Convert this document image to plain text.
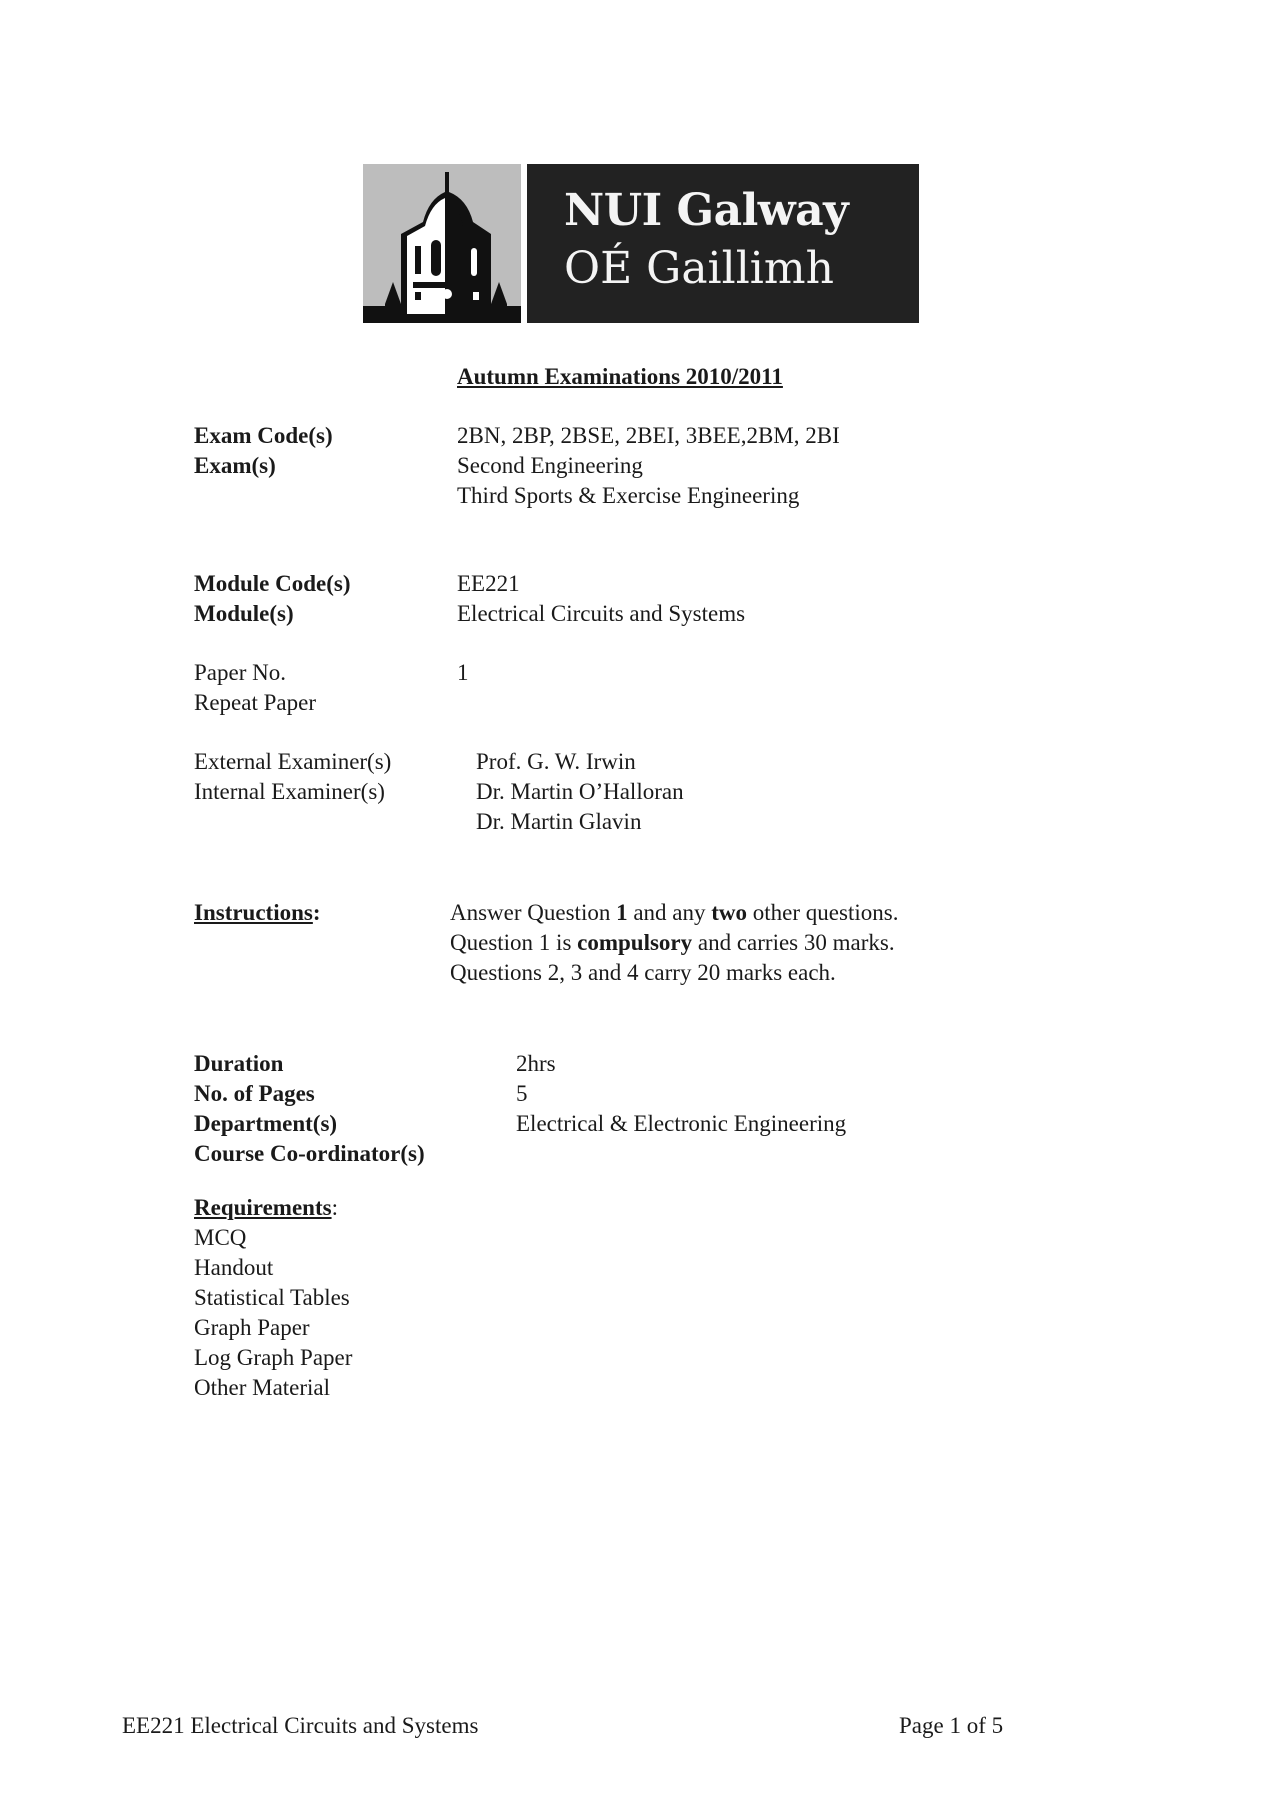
NUI Galway
OÉ Gaillimh
Autumn Examinations 2010/2011
Exam Code(s)
Exam(s)
2BN, 2BP, 2BSE, 2BEI, 3BEE,2BM, 2BI
Second Engineering
Third Sports & Exercise Engineering
Module Code(s)
Module(s)
EE221
Electrical Circuits and Systems
Paper No.
Repeat Paper
1
External Examiner(s)
Internal Examiner(s)
Prof. G. W. Irwin
Dr. Martin O’Halloran
Dr. Martin Glavin
Instructions:	Answer Question 1 and any two other questions.
Question 1 is compulsory and carries 30 marks.
Questions 2, 3 and 4 carry 20 marks each.
Duration
No. of Pages
Department(s)
Course Co-ordinator(s)
2hrs
5
Electrical & Electronic Engineering
Requirements:
MCQ
Handout
Statistical Tables
Graph Paper
Log Graph Paper
Other Material
EE221 Electrical Circuits and Systems	Page 1 of 5
